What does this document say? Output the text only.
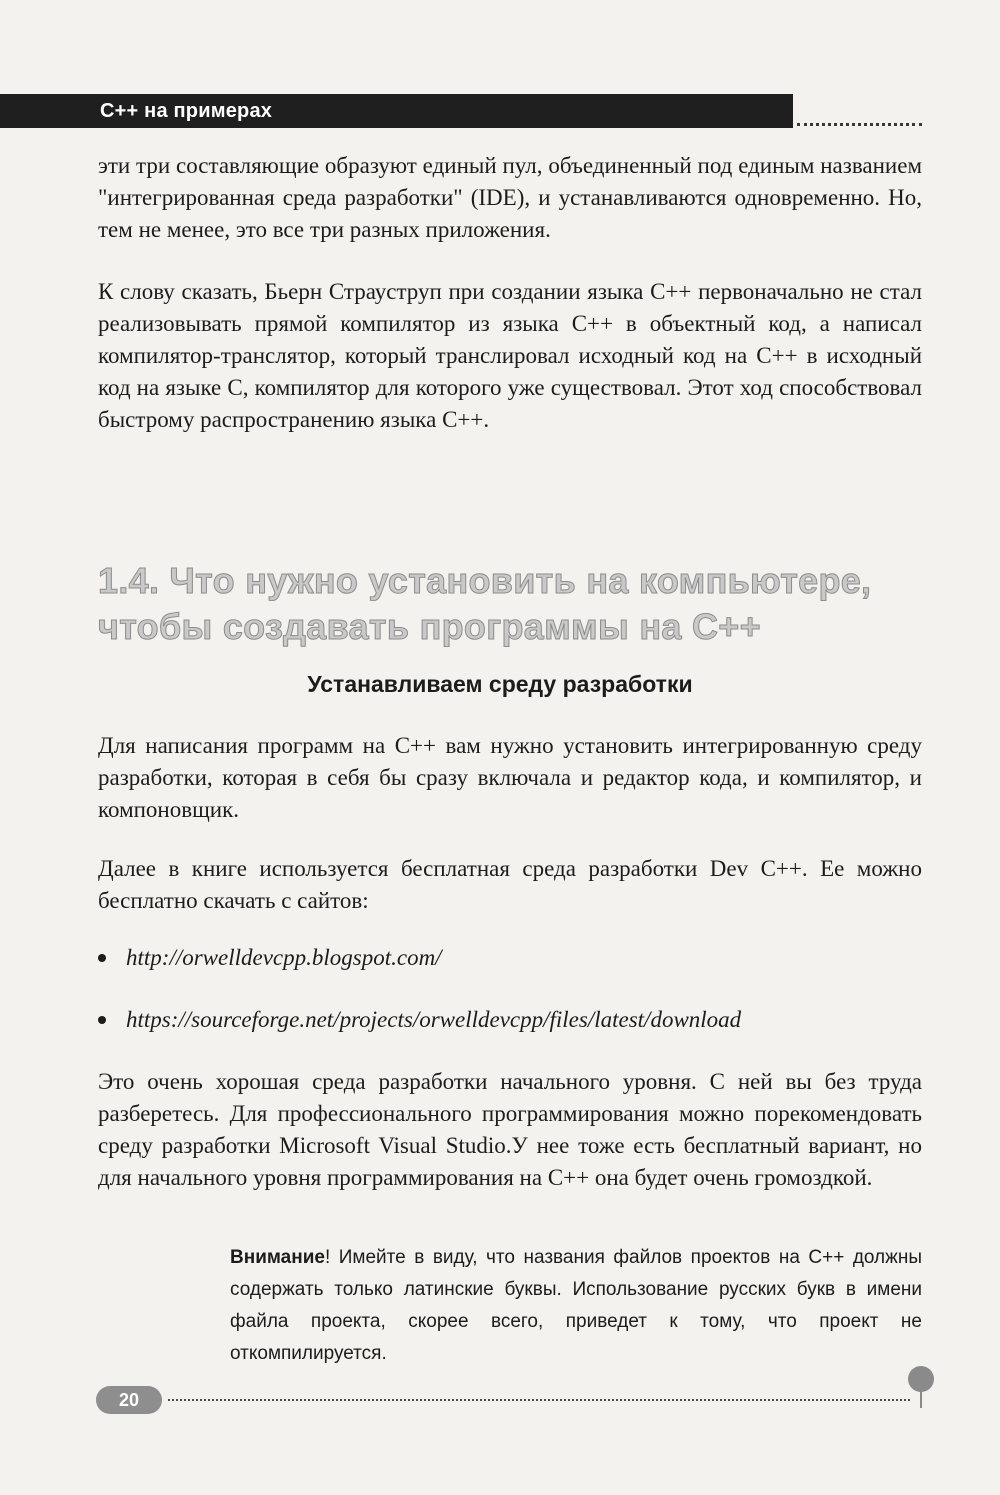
C++ на примерах

эти три составляющие образуют единый пул, объединенный под единым названием "интегрированная среда разработки" (IDE), и устанавливаются одновременно. Но, тем не менее, это все три разных приложения.

К слову сказать, Бьерн Страуструп при создании языка С++ первоначально не стал реализовывать прямой компилятор из языка С++ в объектный код, а написал компилятор-транслятор, который транслировал исходный код на С++ в исходный код на языке С, компилятор для которого уже существовал. Этот ход способствовал быстрому распространению языка С++.

1.4. Что нужно установить на компьютере,
чтобы создавать программы на С++
Устанавливаем среду разработки

Для написания программ на С++ вам нужно установить интегрированную среду разработки, которая в себя бы сразу включала и редактор кода, и компилятор, и компоновщик.

Далее в книге используется бесплатная среда разработки Dev C++. Ее можно бесплатно скачать с сайтов:

http://orwelldevcpp.blogspot.com/
https://sourceforge.net/projects/orwelldevcpp/files/latest/download

Это очень хорошая среда разработки начального уровня. С ней вы без труда разберетесь. Для профессионального программирования можно порекомендовать среду разработки Microsoft Visual Studio.У нее тоже есть бесплатный вариант, но для начального уровня программирования на С++ она будет очень громоздкой.

Внимание! Имейте в виду, что названия файлов проектов на С++ должны содержать только латинские буквы. Использование русских букв в имени файла проекта, скорее всего, приведет к тому, что проект не откомпилируется.
20
